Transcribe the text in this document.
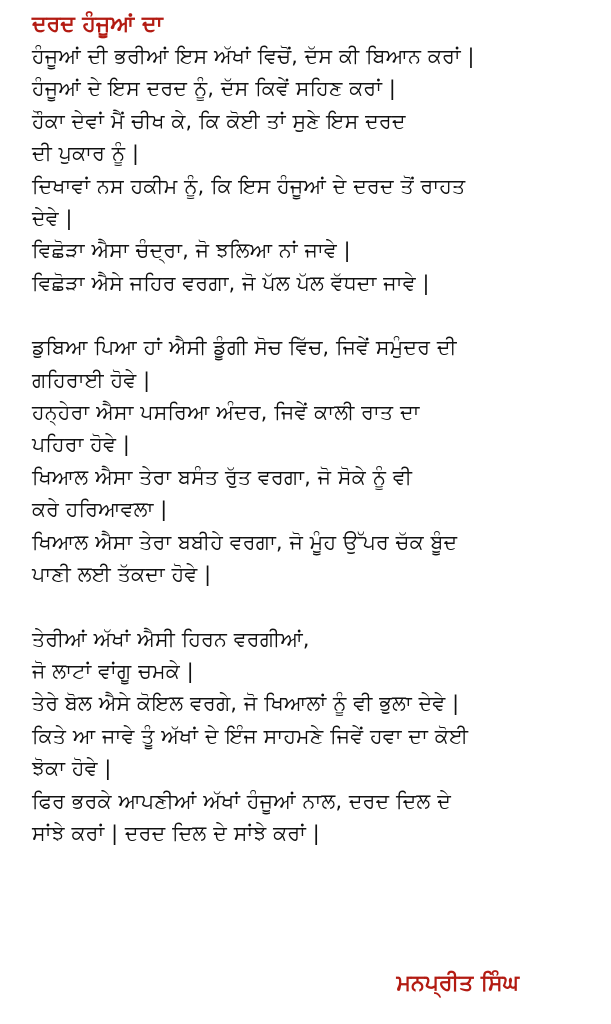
ਦਰਦ ਹੰਜੂਆਂ ਦਾ
ਹੰਜੂਆਂ ਦੀ ਭਰੀਆਂ ਇਸ ਅੱਖਾਂ ਵਿਚੋਂ, ਦੱਸ ਕੀ ਬਿਆਨ ਕਰਾਂ |
ਹੰਜੂਆਂ ਦੇ ਇਸ ਦਰਦ ਨੂੰ, ਦੱਸ ਕਿਵੇਂ ਸਹਿਣ ਕਰਾਂ |
ਹੌਕਾ ਦੇਵਾਂ ਮੈਂ ਚੀਖ ਕੇ, ਕਿ ਕੋਈ ਤਾਂ ਸੁਣੇ ਇਸ ਦਰਦ
ਦੀ ਪੁਕਾਰ ਨੂੰ |
ਦਿਖਾਵਾਂ ਨਸ ਹਕੀਮ ਨੂੰ, ਕਿ ਇਸ ਹੰਜੂਆਂ ਦੇ ਦਰਦ ਤੋਂ ਰਾਹਤ
ਦੇਵੇ |
ਵਿਛੋੜਾ ਐਸਾ ਚੰਦ੍ਰਾ, ਜੋ ਝਲਿਆ ਨਾਂ ਜਾਵੇ |
ਵਿਛੋੜਾ ਐਸੇ ਜਹਿਰ ਵਰਗਾ, ਜੋ ਪੱਲ ਪੱਲ ਵੱਧਦਾ ਜਾਵੇ |
ਡੁਬਿਆ ਪਿਆ ਹਾਂ ਐਸੀ ਡੂੰਗੀ ਸੋਚ ਵਿੱਚ, ਜਿਵੇਂ ਸਮੁੰਦਰ ਦੀ
ਗਹਿਰਾਈ ਹੋਵੇ |
ਹਨ੍ਹੇਰਾ ਐਸਾ ਪਸਰਿਆ ਅੰਦਰ, ਜਿਵੇਂ ਕਾਲੀ ਰਾਤ ਦਾ
ਪਹਿਰਾ ਹੋਵੇ |
ਖਿਆਲ ਐਸਾ ਤੇਰਾ ਬਸੰਤ ਰੁੱਤ ਵਰਗਾ, ਜੋ ਸੋਕੇ ਨੂੰ ਵੀ
ਕਰੇ ਹਰਿਆਵਲਾ |
ਖਿਆਲ ਐਸਾ ਤੇਰਾ ਬਬੀਹੇ ਵਰਗਾ, ਜੋ ਮੂੰਹ ਉੱਪਰ ਚੱਕ ਬੂੰਦ
ਪਾਣੀ ਲਈ ਤੱਕਦਾ ਹੋਵੇ |
ਤੇਰੀਆਂ ਅੱਖਾਂ ਐਸੀ ਹਿਰਨ ਵਰਗੀਆਂ,
ਜੋ ਲਾਟਾਂ ਵਾਂਗੂ ਚਮਕੇ |
ਤੇਰੇ ਬੋਲ ਐਸੇ ਕੋਇਲ ਵਰਗੇ, ਜੋ ਖਿਆਲਾਂ ਨੂੰ ਵੀ ਭੁਲਾ ਦੇਵੇ |
ਕਿਤੇ ਆ ਜਾਵੇ ਤੂੰ ਅੱਖਾਂ ਦੇ ਇੰਜ ਸਾਹਮਣੇ ਜਿਵੇਂ ਹਵਾ ਦਾ ਕੋਈ
ਝੋਕਾ ਹੋਵੇ |
ਫਿਰ ਭਰਕੇ ਆਪਣੀਆਂ ਅੱਖਾਂ ਹੰਜੂਆਂ ਨਾਲ, ਦਰਦ ਦਿਲ ਦੇ
ਸਾਂਝੇ ਕਰਾਂ | ਦਰਦ ਦਿਲ ਦੇ ਸਾਂਝੇ ਕਰਾਂ |
ਮਨਪ੍ਰੀਤ ਸਿੰਘ
